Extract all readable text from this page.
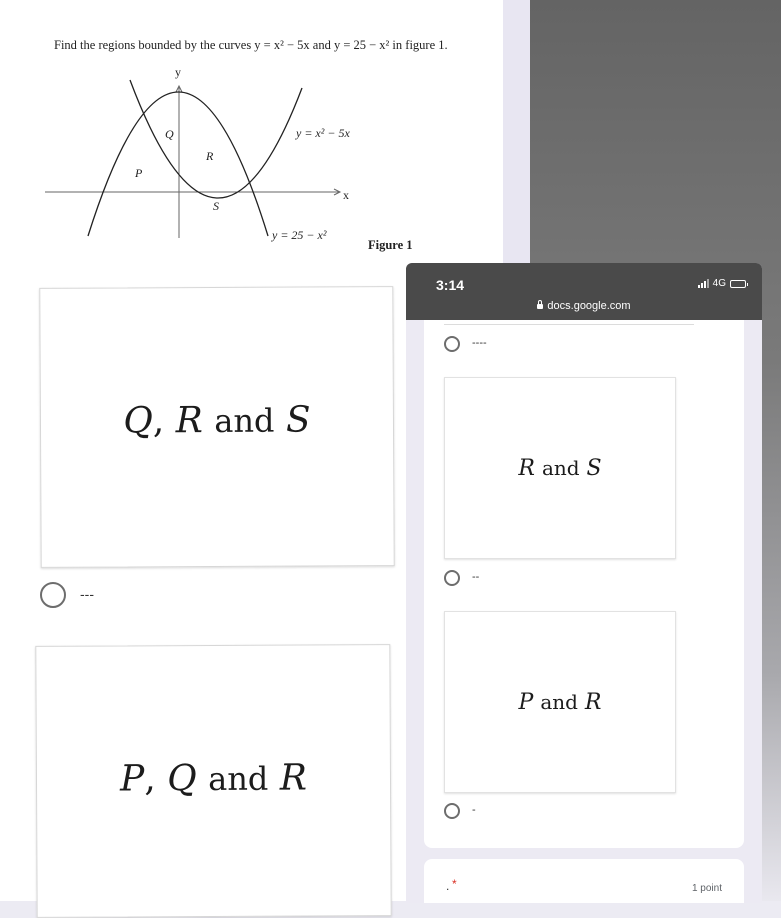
Find the regions bounded by the curves y = x² − 5x and y = 25 − x² in figure 1.
y
x
P
Q
R
S
y = x² − 5x
y = 25 − x²
Figure 1
Q, R and S
---
P, Q and R
3:14	4G
docs.google.com
----
R and S
--
P and R
-
. *	1 point
